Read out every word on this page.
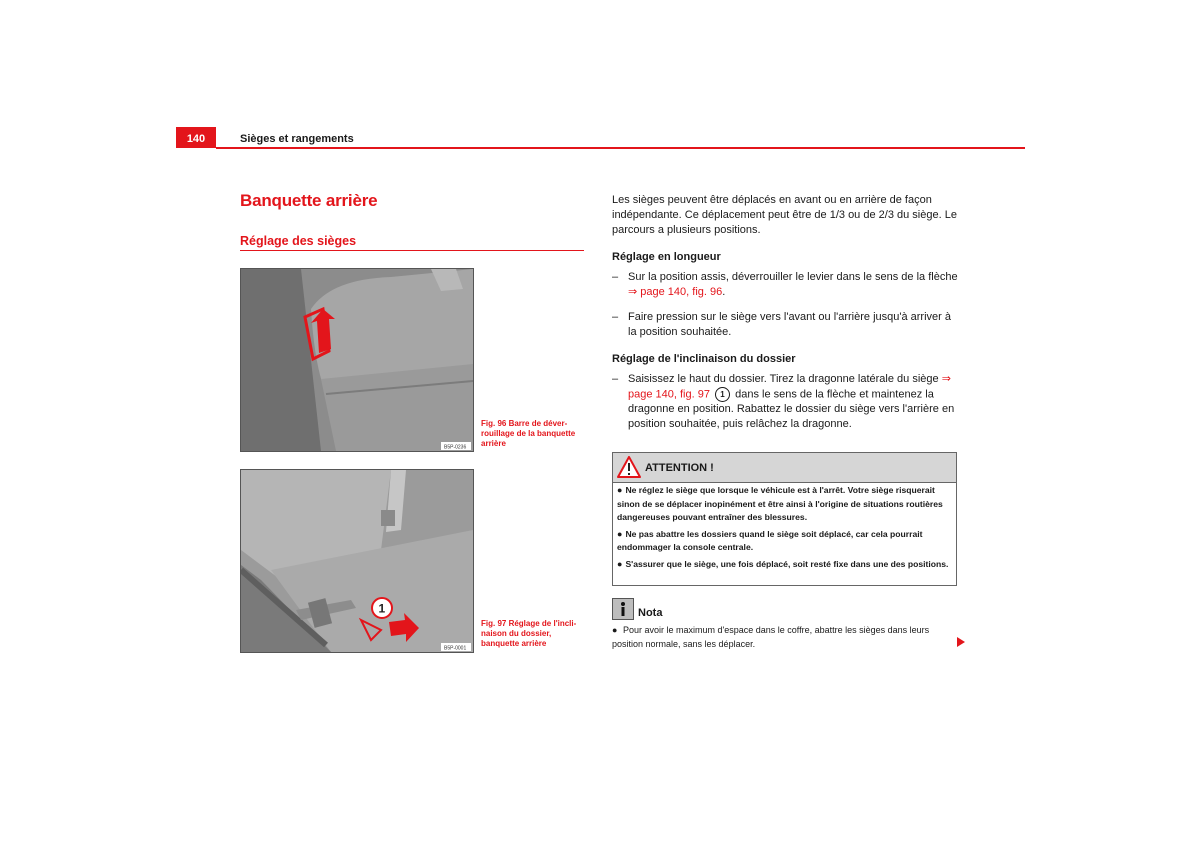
140	Sièges et rangements
Banquette arrière
Réglage des sièges
B5P-0236
Fig. 96 Barre de déver-rouillage de la banquette arrière
1
B5P-0001
Fig. 97 Réglage de l'incli-naison du dossier, banquette arrière
Les sièges peuvent être déplacés en avant ou en arrière de façon indépendante. Ce déplacement peut être de 1/3 ou de 2/3 du siège. Le parcours a plusieurs positions.
Réglage en longueur
– Sur la position assis, déverrouiller le levier dans le sens de la flèche ⇒ page 140, fig. 96.
– Faire pression sur le siège vers l'avant ou l'arrière jusqu'à arriver à la position souhaitée.
Réglage de l'inclinaison du dossier
– Saisissez le haut du dossier. Tirez la dragonne latérale du siège ⇒ page 140, fig. 97 1 dans le sens de la flèche et maintenez la dragonne en position. Rabattez le dossier du siège vers l'arrière en position souhaitée, puis relâchez la dragonne.
ATTENTION !

● Ne réglez le siège que lorsque le véhicule est à l'arrêt. Votre siège risquerait sinon de se déplacer inopinément et être ainsi à l'origine de situations routières dangereuses pouvant entraîner des blessures.

● Ne pas abattre les dossiers quand le siège soit déplacé, car cela pourrait endommager la console centrale.

● S'assurer que le siège, une fois déplacé, soit resté fixe dans une des positions.

Nota
● Pour avoir le maximum d'espace dans le coffre, abattre les sièges dans leurs position normale, sans les déplacer.
